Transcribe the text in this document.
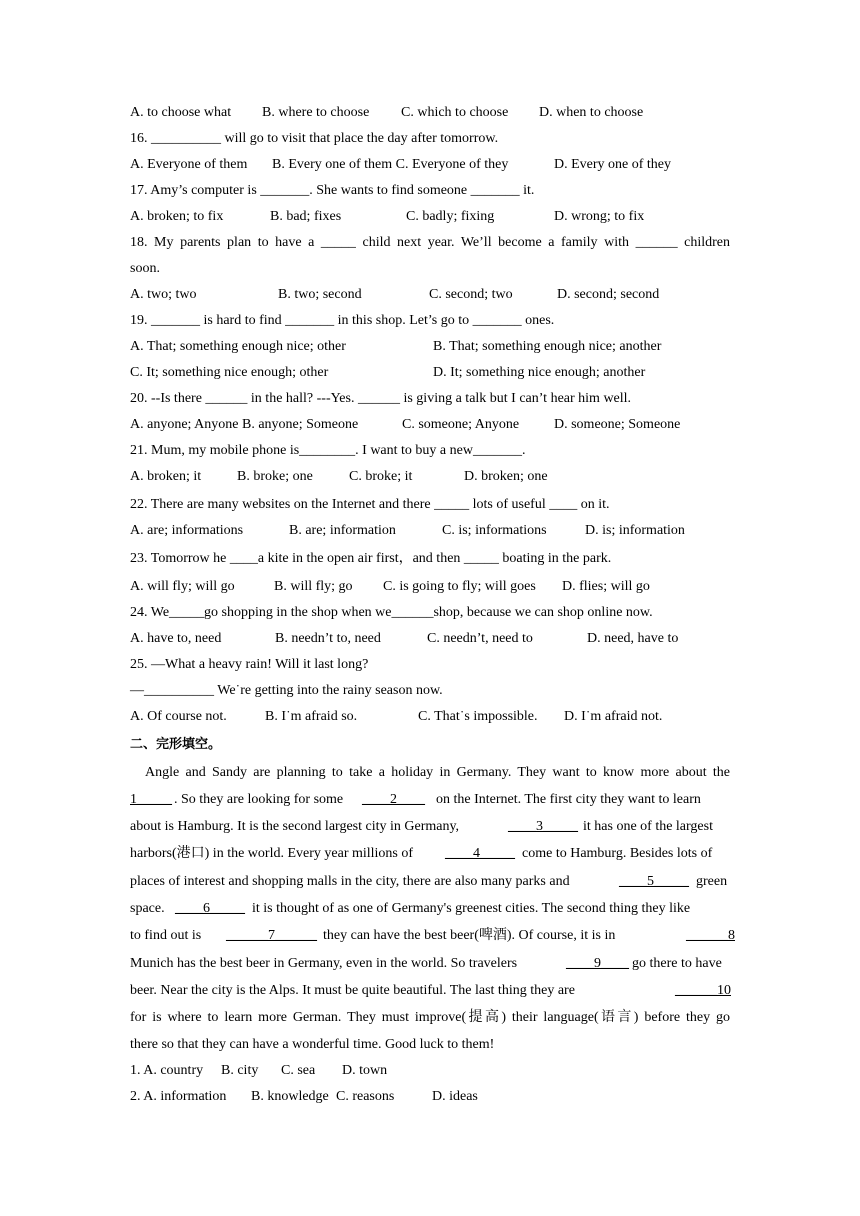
A. to choose what

B. where to choose

C. which to choose

D. when to choose

16. __________ will go to visit that place the day after tomorrow.

A. Everyone of them

B. Every one of them C. Everyone of they

	D. Every one of they

17. Amy’s computer is _______. She wants to find someone _______ it.

A. broken; to fix

	B. bad; fixes

	C. badly; fixing

	D. wrong; to fix

18. My parents plan to have a _____ child next year. We’ll become a family with ______ children
soon.

A. two; two

	B. two; second

	C. second; two

	D. second; second

19. _______ is hard to find _______ in this shop. Let’s go to _______ ones.

A. That; something enough nice; other

	B. That; something enough nice; another

C. It; something nice enough; other

	D. It; something nice enough; another

20. --Is there ______ in the hall? ---Yes. ______ is giving a talk but I can’t hear him well.

A. anyone; Anyone B. anyone; Someone

	C. someone; Anyone

D. someone; Someone

21. Mum, my mobile phone is________. I want to buy a new_______.

A. broken; it

	B. broke; one

	C. broke; it

	D. broken; one

22. There are many websites on the Internet and there _____ lots of useful ____ on it.

A. are; informations

	B. are; information

	C. is; informations

	D. is; information

23. Tomorrow he ____a kite in the open air first，and then _____ boating in the park.

A. will fly; will go

	B. will fly; go

C. is going to fly; will goes

D. flies; will go

24. We_____go shopping in the shop when we______shop, because we can shop online now.

A. have to, need

	B. needn’t to, need

	C. needn’t, need to

	D. need, have to

25. —What a heavy rain! Will it last long?
—__________ We˙re getting into the rainy season now.

A. Of course not.

	B. I˙m afraid so.

	C. That˙s impossible.

D. I˙m afraid not.

二、完形填空。
Angle and Sandy are planning to take a holiday in Germany. They want to know more about the

1_____

. So they are looking for some

____2____

on the Internet. The first city they want to learn

about is Hamburg. It is the second largest city in Germany,

	____3_____

it has one of the largest

harbors(港口) in the world. Every year millions of

____4_____

come to Hamburg. Besides lots of

places of interest and shopping malls in the city, there are also many parks and

	____5_____

green

space.

____6_____

it is thought of as one of Germany's greenest cities. The second thing they like

to find out is

______7______

they can have the best beer(啤酒). Of course, it is in

	______8

Munich has the best beer in Germany, even in the world. So travelers

	____9____

go there to have

beer. Near the city is the Alps. It must be quite beautiful. The last thing they are

	______10

for is where to learn more German. They must improve(提高) their language(语言) before they go
there so that they can have a wonderful time. Good luck to them!

1. A. country

B. city

C. sea

D. town

2. A. information

B. knowledge

C. reasons

	D. ideas
